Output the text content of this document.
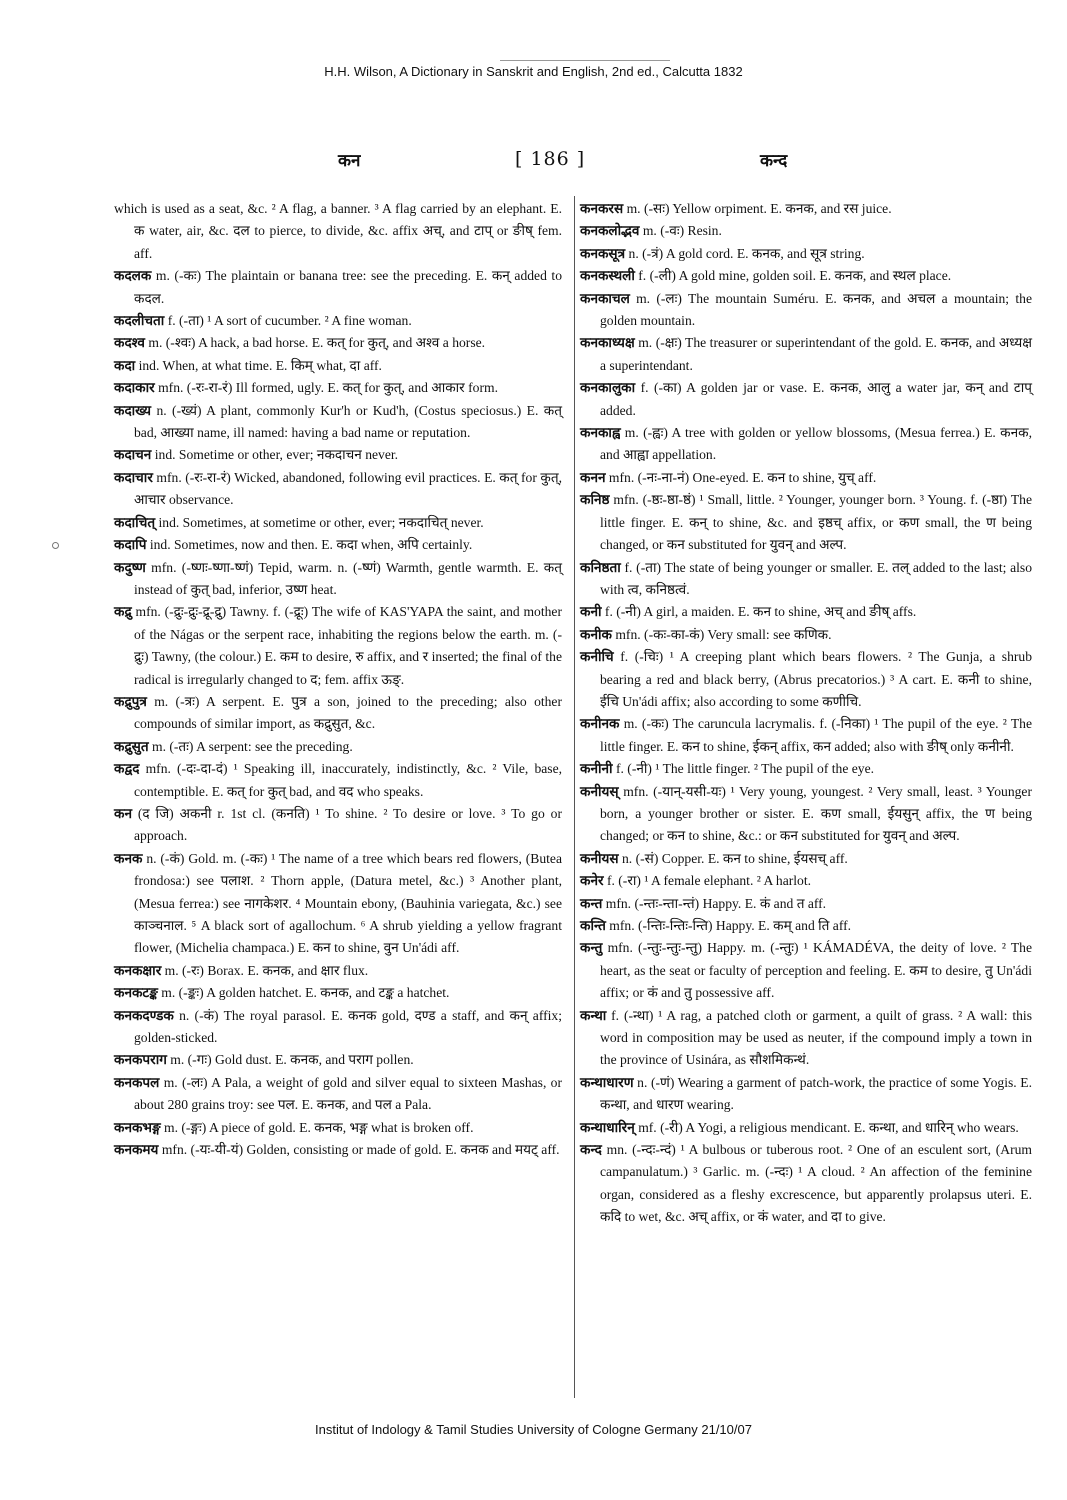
H.H. Wilson, A Dictionary in Sanskrit and English, 2nd ed., Calcutta 1832
कन	[ 186 ]	कन्द

which is used as a seat, &c. ² A flag, a banner. ³ A flag carried by an elephant. E. क water, air, &c. दल to pierce, to divide, &c. affix अच्, and टाप् or ङीष् fem. aff.

कदलक m. (-कः) The plaintain or banana tree: see the preceding. E. कन् added to कदल.

कदलीचता f. (-ता) ¹ A sort of cucumber. ² A fine woman.

कदश्व m. (-श्वः) A hack, a bad horse. E. कत् for कुत्, and अश्व a horse.

कदा ind. When, at what time. E. किम् what, दा aff.

कदाकार mfn. (-रः-रा-रं) Ill formed, ugly. E. कत् for कुत्, and आकार form.

कदाख्य n. (-ख्यं) A plant, commonly Kur'h or Kud'h, (Costus speciosus.) E. कत् bad, आख्या name, ill named: having a bad name or reputation.

कदाचन ind. Sometime or other, ever; नकदाचन never.

कदाचार mfn. (-रः-रा-रं) Wicked, abandoned, following evil practices. E. कत् for कुत्, आचार observance.

कदाचित् ind. Sometimes, at sometime or other, ever; नकदाचित् never.

कदापि ind. Sometimes, now and then. E. कदा when, अपि certainly.

कदुष्ण mfn. (-ष्णः-ष्णा-ष्णं) Tepid, warm. n. (-ष्णं) Warmth, gentle warmth. E. कत् instead of कुत् bad, inferior, उष्ण heat.

कद्रु mfn. (-द्रुः-द्रुः-द्रू-द्रु) Tawny. f. (-द्रूः) The wife of KAS'YAPA the saint, and mother of the Nágas or the serpent race, inhabiting the regions below the earth. m. (-द्रुः) Tawny, (the colour.) E. कम to desire, रु affix, and र inserted; the final of the radical is irregularly changed to द; fem. affix ऊङ्.

कद्रुपुत्र m. (-त्रः) A serpent. E. पुत्र a son, joined to the preceding; also other compounds of similar import, as कद्रुसुत, &c.

कद्रुसुत m. (-तः) A serpent: see the preceding.

कद्वद mfn. (-दः-दा-दं) ¹ Speaking ill, inaccurately, indistinctly, &c. ² Vile, base, contemptible. E. कत् for कुत् bad, and वद who speaks.

कन (द जि) अकनी r. 1st cl. (कनति) ¹ To shine. ² To desire or love. ³ To go or approach.

कनक n. (-कं) Gold. m. (-कः) ¹ The name of a tree which bears red flowers, (Butea frondosa:) see पलाश. ² Thorn apple, (Datura metel, &c.) ³ Another plant, (Mesua ferrea:) see नागकेशर. ⁴ Mountain ebony, (Bauhinia variegata, &c.) see काञ्चनाल. ⁵ A black sort of agallochum. ⁶ A shrub yielding a yellow fragrant flower, (Michelia champaca.) E. कन to shine, वुन Un'ádi aff.

कनकक्षार m. (-रः) Borax. E. कनक, and क्षार flux.

कनकटङ्क m. (-ङ्कः) A golden hatchet. E. कनक, and टङ्क a hatchet.

कनकदण्डक n. (-कं) The royal parasol. E. कनक gold, दण्ड a staff, and कन् affix; golden-sticked.

कनकपराग m. (-गः) Gold dust. E. कनक, and पराग pollen.

कनकपल m. (-लः) A Pala, a weight of gold and silver equal to sixteen Mashas, or about 280 grains troy: see पल. E. कनक, and पल a Pala.

कनकभङ्ग m. (-ङ्गः) A piece of gold. E. कनक, भङ्ग what is broken off.

कनकमय mfn. (-यः-यी-यं) Golden, consisting or made of gold. E. कनक and मयट् aff.

कनकरस m. (-सः) Yellow orpiment. E. कनक, and रस juice.

कनकलोद्भव m. (-वः) Resin.

कनकसूत्र n. (-त्रं) A gold cord. E. कनक, and सूत्र string.

कनकस्थली f. (-ली) A gold mine, golden soil. E. कनक, and स्थल place.

कनकाचल m. (-लः) The mountain Suméru. E. कनक, and अचल a mountain; the golden mountain.

कनकाध्यक्ष m. (-क्षः) The treasurer or superintendant of the gold. E. कनक, and अध्यक्ष a superintendant.

कनकालुका f. (-का) A golden jar or vase. E. कनक, आलु a water jar, कन् and टाप् added.

कनकाह्व m. (-ह्वः) A tree with golden or yellow blossoms, (Mesua ferrea.) E. कनक, and आह्वा appellation.

कनन mfn. (-नः-ना-नं) One-eyed. E. कन to shine, युच् aff.

कनिष्ठ mfn. (-ष्ठः-ष्ठा-ष्ठं) ¹ Small, little. ² Younger, younger born. ³ Young. f. (-ष्ठा) The little finger. E. कन् to shine, &c. and इष्ठच् affix, or कण small, the ण being changed, or कन substituted for युवन् and अल्प.

कनिष्ठता f. (-ता) The state of being younger or smaller. E. तल् added to the last; also with त्व, कनिष्ठत्वं.

कनी f. (-नी) A girl, a maiden. E. कन to shine, अच् and ङीष् affs.

कनीक mfn. (-कः-का-कं) Very small: see कणिक.

कनीचि f. (-चिः) ¹ A creeping plant which bears flowers. ² The Gunja, a shrub bearing a red and black berry, (Abrus precatorios.) ³ A cart. E. कनी to shine, ईचि Un'ádi affix; also according to some कणीचि.

कनीनक m. (-कः) The caruncula lacrymalis. f. (-निका) ¹ The pupil of the eye. ² The little finger. E. कन to shine, ईकन् affix, कन added; also with ङीष् only कनीनी.

कनीनी f. (-नी) ¹ The little finger. ² The pupil of the eye.

कनीयस् mfn. (-यान्-यसी-यः) ¹ Very young, youngest. ² Very small, least. ³ Younger born, a younger brother or sister. E. कण small, ईयसुन् affix, the ण being changed; or कन to shine, &c.: or कन substituted for युवन् and अल्प.

कनीयस n. (-सं) Copper. E. कन to shine, ईयसच् aff.

कनेर f. (-रा) ¹ A female elephant. ² A harlot.

कन्त mfn. (-न्तः-न्ता-न्तं) Happy. E. कं and त aff.

कन्ति mfn. (-न्तिः-न्तिः-न्ति) Happy. E. कम् and ति aff.

कन्तु mfn. (-न्तुः-न्तुः-न्तु) Happy. m. (-न्तुः) ¹ KÁMADÉVA, the deity of love. ² The heart, as the seat or faculty of perception and feeling. E. कम to desire, तु Un'ádi affix; or कं and तु possessive aff.

कन्था f. (-न्था) ¹ A rag, a patched cloth or garment, a quilt of grass. ² A wall: this word in composition may be used as neuter, if the compound imply a town in the province of Usinára, as सौशमिकन्थं.

कन्थाधारण n. (-णं) Wearing a garment of patch-work, the practice of some Yogis. E. कन्था, and धारण wearing.

कन्थाधारिन् mf. (-री) A Yogi, a religious mendicant. E. कन्था, and धारिन् who wears.

कन्द mn. (-न्दः-न्दं) ¹ A bulbous or tuberous root. ² One of an esculent sort, (Arum campanulatum.) ³ Garlic. m. (-न्दः) ¹ A cloud. ² An affection of the feminine organ, considered as a fleshy excrescence, but apparently prolapsus uteri. E. कदि to wet, &c. अच् affix, or कं water, and दा to give.

Institut of Indology & Tamil Studies University of Cologne Germany 21/10/07
